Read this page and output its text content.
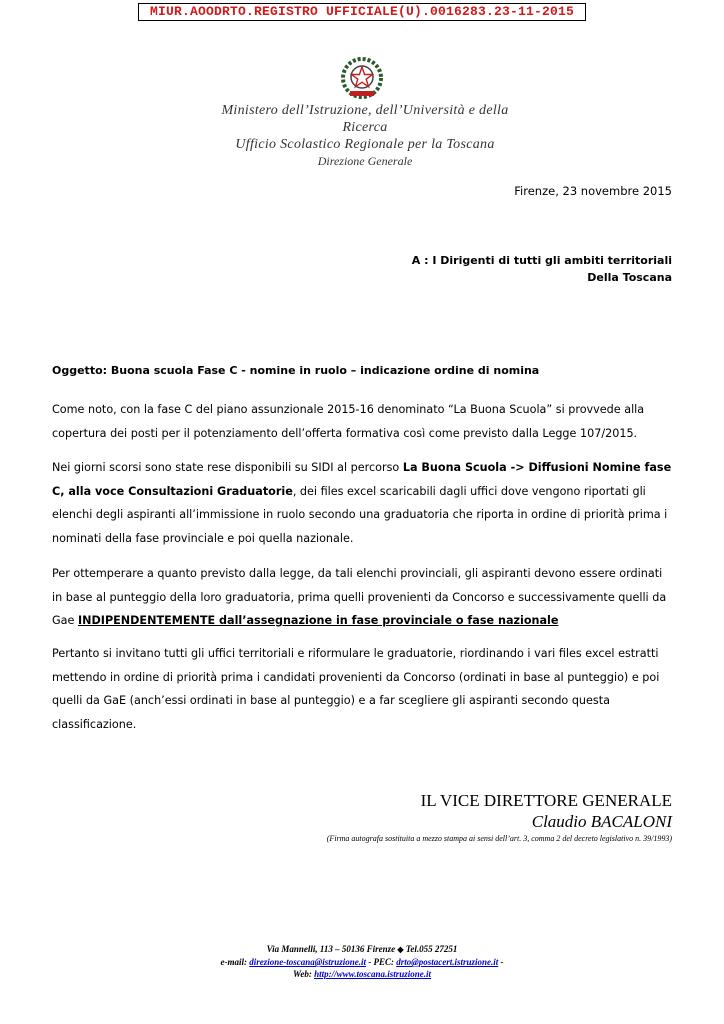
MIUR.AOODRTO.REGISTRO UFFICIALE(U).0016283.23-11-2015
Ministero dell’Istruzione, dell’Università e della Ricerca
Ufficio Scolastico Regionale per la Toscana
Direzione Generale
Firenze, 23 novembre 2015
A : I Dirigenti di tutti gli ambiti territoriali
Della Toscana
Oggetto: Buona scuola Fase C - nomine in ruolo – indicazione ordine di nomina
Come noto, con la fase C del piano assunzionale 2015-16 denominato “La Buona Scuola” si provvede alla copertura dei posti per il potenziamento dell’offerta formativa così come previsto dalla Legge 107/2015.
Nei giorni scorsi sono state rese disponibili su SIDI al percorso La Buona Scuola -> Diffusioni Nomine fase C, alla voce Consultazioni Graduatorie, dei files excel scaricabili dagli uffici dove vengono riportati gli elenchi degli aspiranti all’immissione in ruolo secondo una graduatoria che riporta in ordine di priorità prima i nominati della fase provinciale e poi quella nazionale.
Per ottemperare a quanto previsto dalla legge, da tali elenchi provinciali, gli aspiranti devono essere ordinati in base al punteggio della loro graduatoria, prima quelli provenienti da Concorso e successivamente quelli da Gae INDIPENDENTEMENTE dall’assegnazione in fase provinciale o fase nazionale
Pertanto si invitano tutti gli uffici territoriali e riformulare le graduatorie, riordinando i vari files excel estratti mettendo in ordine di priorità prima i candidati provenienti da Concorso (ordinati in base al punteggio) e poi quelli da GaE (anch’essi ordinati in base al punteggio) e a far scegliere gli aspiranti secondo questa classificazione.
IL VICE DIRETTORE GENERALE
Claudio BACALONI
(Firma autografa sostituita a mezzo stampa ai sensi dell’art. 3, comma 2 del decreto legislativo n. 39/1993)
Via Mannelli, 113 – 50136 Firenze ◆ Tel.055 27251
e-mail: direzione-toscana@istruzione.it - PEC: drto@postacert.istruzione.it -
Web: http://www.toscana.istruzione.it
